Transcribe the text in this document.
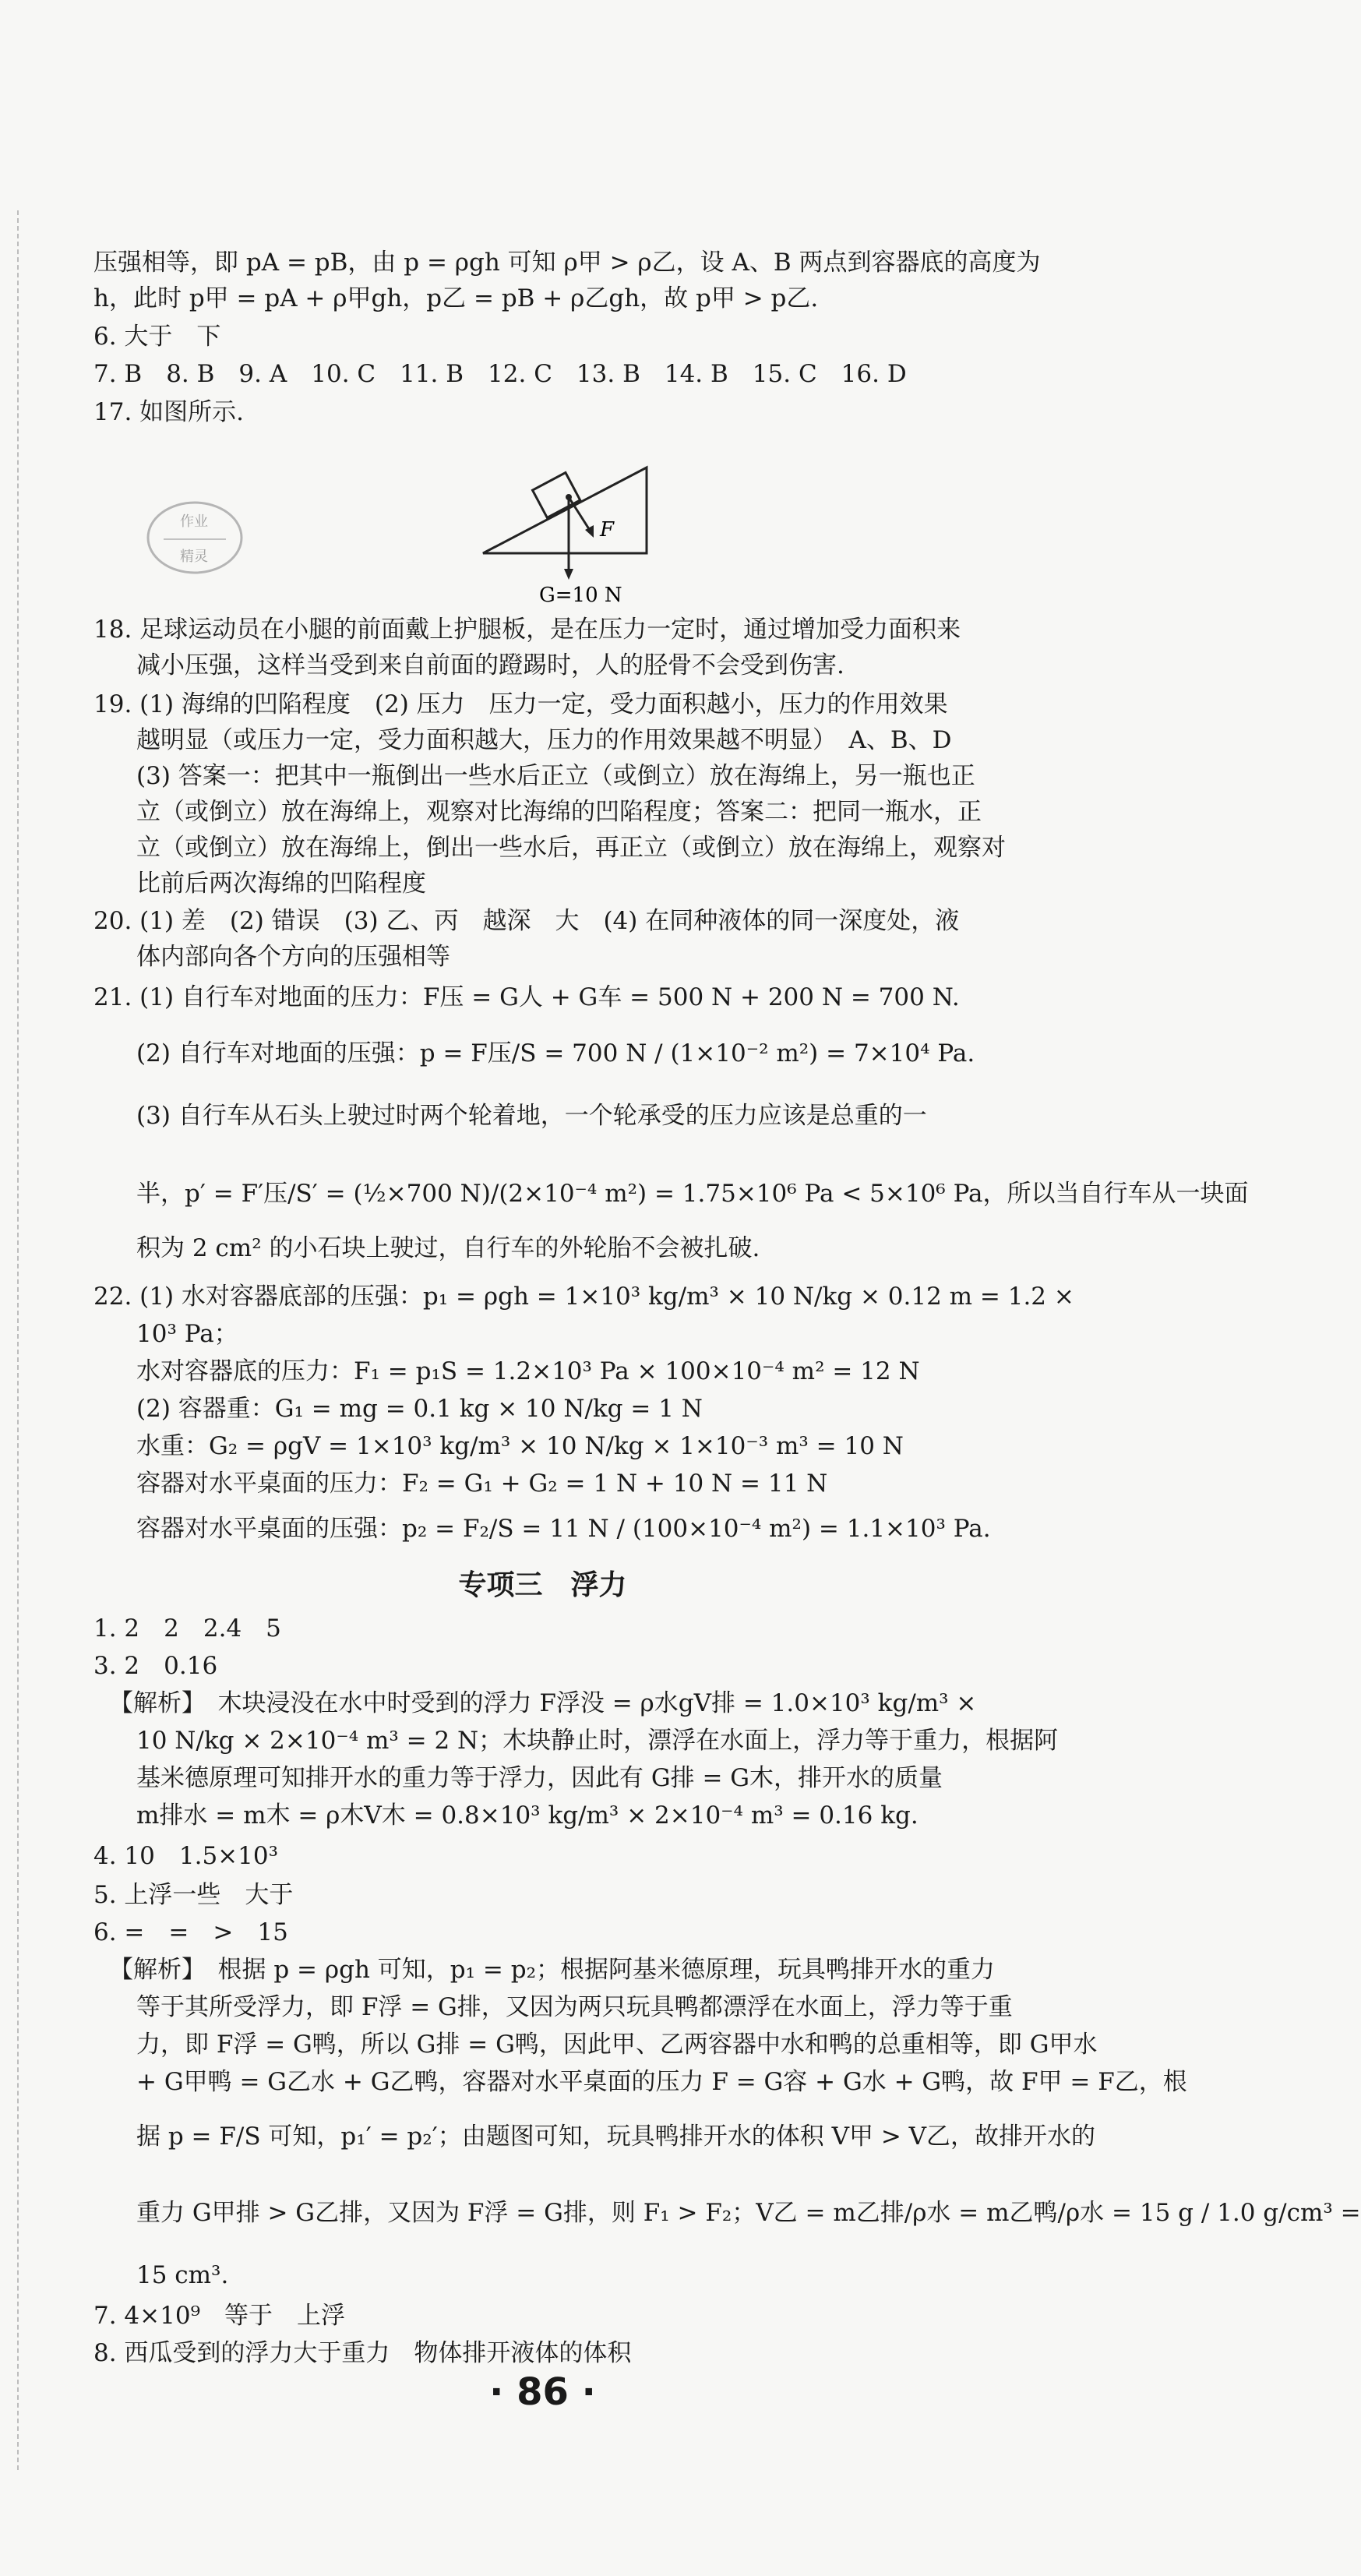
压强相等，即 pA = pB，由 p = ρgh 可知 ρ甲 > ρ乙，设 A、B 两点到容器底的高度为
h，此时 p甲 = pA + ρ甲gh，p乙 = pB + ρ乙gh，故 p甲 > p乙.
6. 大于　下
7. B　8. B　9. A　10. C　11. B　12. C　13. B　14. B　15. C　16. D
17. 如图所示.
F
G=10 N
作业
精灵
18. 足球运动员在小腿的前面戴上护腿板，是在压力一定时，通过增加受力面积来
减小压强，这样当受到来自前面的蹬踢时，人的胫骨不会受到伤害.
19. (1) 海绵的凹陷程度　(2) 压力　压力一定，受力面积越小，压力的作用效果
越明显（或压力一定，受力面积越大，压力的作用效果越不明显）　A、B、D
(3) 答案一：把其中一瓶倒出一些水后正立（或倒立）放在海绵上，另一瓶也正
立（或倒立）放在海绵上，观察对比海绵的凹陷程度；答案二：把同一瓶水，正
立（或倒立）放在海绵上，倒出一些水后，再正立（或倒立）放在海绵上，观察对
比前后两次海绵的凹陷程度
20. (1) 差　(2) 错误　(3) 乙、丙　越深　大　(4) 在同种液体的同一深度处，液
体内部向各个方向的压强相等
21. (1) 自行车对地面的压力：F压 = G人 + G车 = 500 N + 200 N = 700 N.
(2) 自行车对地面的压强：p = F压/S = 700 N / (1×10⁻² m²) = 7×10⁴ Pa.
(3) 自行车从石头上驶过时两个轮着地，一个轮承受的压力应该是总重的一
半，p′ = F′压/S′ = (½×700 N)/(2×10⁻⁴ m²) = 1.75×10⁶ Pa < 5×10⁶ Pa，所以当自行车从一块面
积为 2 cm² 的小石块上驶过，自行车的外轮胎不会被扎破.
22. (1) 水对容器底部的压强：p₁ = ρgh = 1×10³ kg/m³ × 10 N/kg × 0.12 m = 1.2 ×
10³ Pa；
水对容器底的压力：F₁ = p₁S = 1.2×10³ Pa × 100×10⁻⁴ m² = 12 N
(2) 容器重：G₁ = mg = 0.1 kg × 10 N/kg = 1 N
水重：G₂ = ρgV = 1×10³ kg/m³ × 10 N/kg × 1×10⁻³ m³ = 10 N
容器对水平桌面的压力：F₂ = G₁ + G₂ = 1 N + 10 N = 11 N
容器对水平桌面的压强：p₂ = F₂/S = 11 N / (100×10⁻⁴ m²) = 1.1×10³ Pa.
专项三　浮力
1. 2　2　2.4　5
3. 2　0.16
【解析】　木块浸没在水中时受到的浮力 F浮没 = ρ水gV排 = 1.0×10³ kg/m³ ×
10 N/kg × 2×10⁻⁴ m³ = 2 N；木块静止时，漂浮在水面上，浮力等于重力，根据阿
基米德原理可知排开水的重力等于浮力，因此有 G排 = G木，排开水的质量
m排水 = m木 = ρ木V木 = 0.8×10³ kg/m³ × 2×10⁻⁴ m³ = 0.16 kg.
4. 10　1.5×10³
5. 上浮一些　大于
6. =　=　>　15
【解析】　根据 p = ρgh 可知，p₁ = p₂；根据阿基米德原理，玩具鸭排开水的重力
等于其所受浮力，即 F浮 = G排，又因为两只玩具鸭都漂浮在水面上，浮力等于重
力，即 F浮 = G鸭，所以 G排 = G鸭，因此甲、乙两容器中水和鸭的总重相等，即 G甲水
+ G甲鸭 = G乙水 + G乙鸭，容器对水平桌面的压力 F = G容 + G水 + G鸭，故 F甲 = F乙，根
据 p = F/S 可知，p₁′ = p₂′；由题图可知，玩具鸭排开水的体积 V甲 > V乙，故排开水的
重力 G甲排 > G乙排，又因为 F浮 = G排，则 F₁ > F₂；V乙 = m乙排/ρ水 = m乙鸭/ρ水 = 15 g / 1.0 g/cm³ =
15 cm³.
7. 4×10⁹　等于　上浮
8. 西瓜受到的浮力大于重力　物体排开液体的体积
· 86 ·
